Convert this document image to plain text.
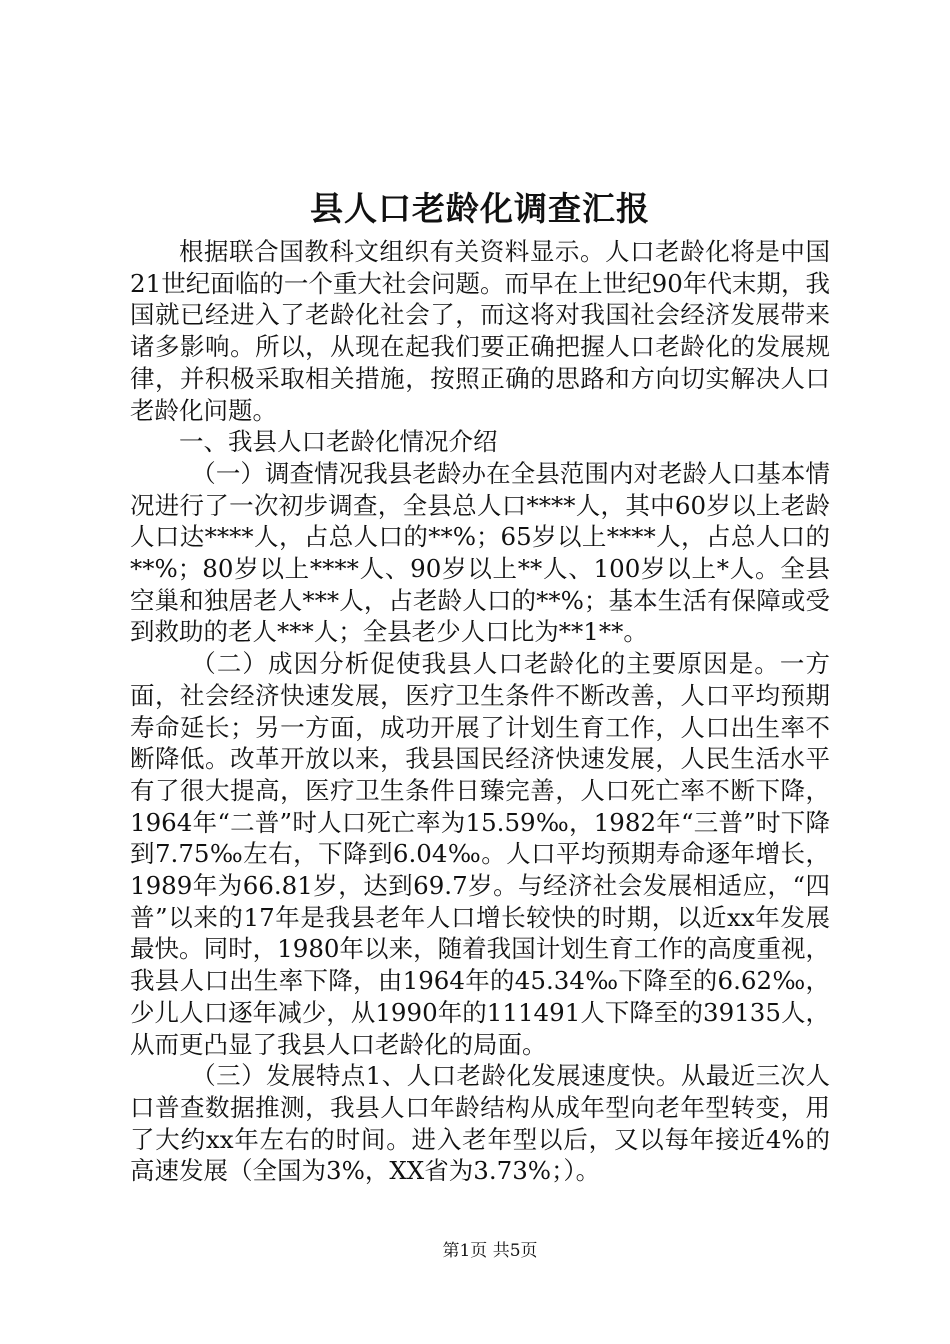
县人口老龄化调查汇报

根据联合国教科文组织有关资料显示。人口老龄化将是中国21世纪面临的一个重大社会问题。而早在上世纪90年代末期，我国就已经进入了老龄化社会了，而这将对我国社会经济发展带来诸多影响。所以，从现在起我们要正确把握人口老龄化的发展规律，并积极采取相关措施，按照正确的思路和方向切实解决人口老龄化问题。

一、我县人口老龄化情况介绍

（一）调查情况我县老龄办在全县范围内对老龄人口基本情况进行了一次初步调查，全县总人口****人，其中60岁以上老龄人口达****人，占总人口的**%；65岁以上****人，占总人口的**%；80岁以上****人、90岁以上**人、100岁以上*人。全县空巢和独居老人***人，占老龄人口的**%；基本生活有保障或受到救助的老人***人；全县老少人口比为**1**。

（二）成因分析促使我县人口老龄化的主要原因是。一方面，社会经济快速发展，医疗卫生条件不断改善，人口平均预期寿命延长；另一方面，成功开展了计划生育工作，人口出生率不断降低。改革开放以来，我县国民经济快速发展，人民生活水平有了很大提高，医疗卫生条件日臻完善，人口死亡率不断下降，1964年“二普”时人口死亡率为15.59‰，1982年“三普”时下降到7.75‰左右，下降到6.04‰。人口平均预期寿命逐年增长，1989年为66.81岁，达到69.7岁。与经济社会发展相适应，“四普”以来的17年是我县老年人口增长较快的时期，以近xx年发展最快。同时，1980年以来，随着我国计划生育工作的高度重视，我县人口出生率下降，由1964年的45.34‰下降至的6.62‰，少儿人口逐年减少，从1990年的111491人下降至的39135人，从而更凸显了我县人口老龄化的局面。

（三）发展特点1、人口老龄化发展速度快。从最近三次人口普查数据推测，我县人口年龄结构从成年型向老年型转变，用了大约xx年左右的时间。进入老年型以后，又以每年接近4%的高速发展（全国为3%，XX省为3.73%；）。

第1页 共5页
